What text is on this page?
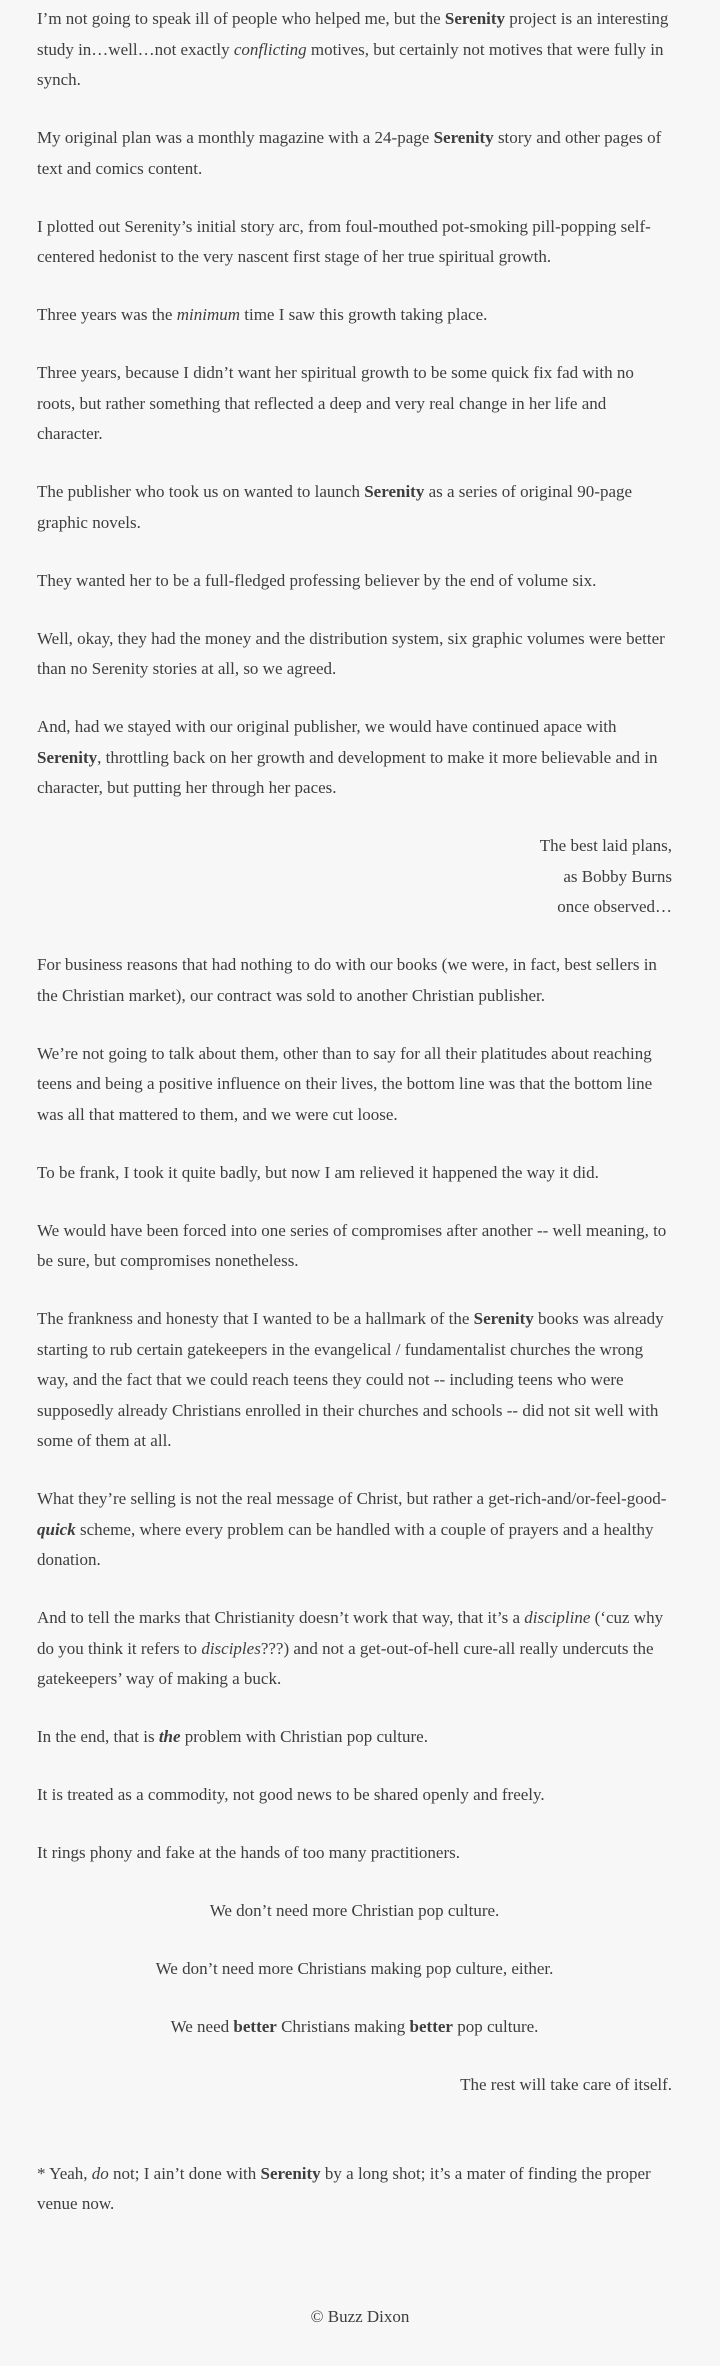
I’m not going to speak ill of people who helped me, but the Serenity project is an interesting study in…well…not exactly conflicting motives, but certainly not motives that were fully in synch.

My original plan was a monthly magazine with a 24-page Serenity story and other pages of text and comics content.

I plotted out Serenity’s initial story arc, from foul-mouthed pot-smoking pill-popping self-centered hedonist to the very nascent first stage of her true spiritual growth.

Three years was the minimum time I saw this growth taking place.

Three years, because I didn’t want her spiritual growth to be some quick fix fad with no roots, but rather something that reflected a deep and very real change in her life and character.

The publisher who took us on wanted to launch Serenity as a series of original 90-page graphic novels.

They wanted her to be a full-fledged professing believer by the end of volume six.

Well, okay, they had the money and the distribution system, six graphic volumes were better than no Serenity stories at all, so we agreed.

And, had we stayed with our original publisher, we would have continued apace with Serenity, throttling back on her growth and development to make it more believable and in character, but putting her through her paces.

The best laid plans,
as Bobby Burns
once observed…

For business reasons that had nothing to do with our books (we were, in fact, best sellers in the Christian market), our contract was sold to another Christian publisher.

We’re not going to talk about them, other than to say for all their platitudes about reaching teens and being a positive influence on their lives, the bottom line was that the bottom line was all that mattered to them, and we were cut loose.

To be frank, I took it quite badly, but now I am relieved it happened the way it did.

We would have been forced into one series of compromises after another -- well meaning, to be sure, but compromises nonetheless.

The frankness and honesty that I wanted to be a hallmark of the Serenity books was already starting to rub certain gatekeepers in the evangelical / fundamentalist churches the wrong way, and the fact that we could reach teens they could not -- including teens who were supposedly already Christians enrolled in their churches and schools -- did not sit well with some of them at all.

What they’re selling is not the real message of Christ, but rather a get-rich-and/or-feel-good-quick scheme, where every problem can be handled with a couple of prayers and a healthy donation.

And to tell the marks that Christianity doesn’t work that way, that it’s a discipline (‘cuz why do you think it refers to disciples???) and not a get-out-of-hell cure-all really undercuts the gatekeepers’ way of making a buck.

In the end, that is the problem with Christian pop culture.

It is treated as a commodity, not good news to be shared openly and freely.

It rings phony and fake at the hands of too many practitioners.

We don’t need more Christian pop culture.

We don’t need more Christians making pop culture, either.

We need better Christians making better pop culture.

The rest will take care of itself.

* Yeah, do not; I ain’t done with Serenity by a long shot; it’s a mater of finding the proper venue now.

© Buzz Dixon
